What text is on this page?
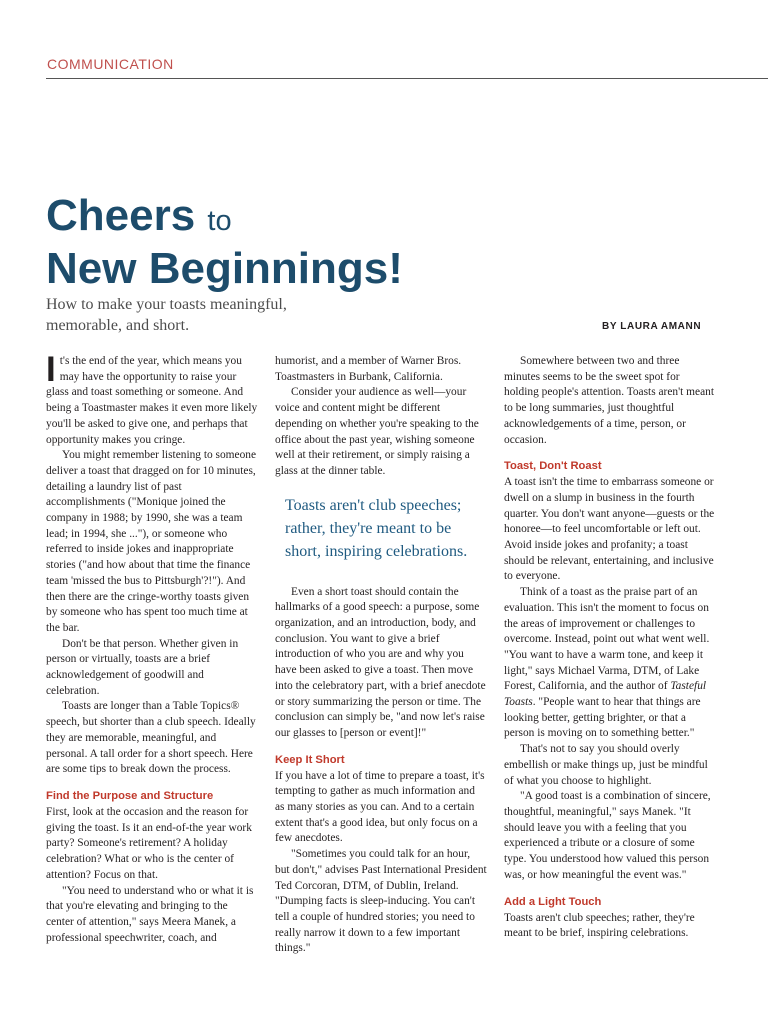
COMMUNICATION
Cheers to
New Beginnings!
How to make your toasts meaningful,
memorable, and short.	BY LAURA AMANN

It's the end of the year, which means you may have the opportunity to raise your glass and toast something or someone. And being a Toastmaster makes it even more likely you'll be asked to give one, and perhaps that opportunity makes you cringe.

You might remember listening to someone deliver a toast that dragged on for 10 minutes, detailing a laundry list of past accomplishments ("Monique joined the company in 1988; by 1990, she was a team lead; in 1994, she ..."), or someone who referred to inside jokes and inappropriate stories ("and how about that time the finance team 'missed the bus to Pittsburgh'?!"). And then there are the cringe-worthy toasts given by someone who has spent too much time at the bar.

Don't be that person. Whether given in person or virtually, toasts are a brief acknowledgement of goodwill and celebration.

Toasts are longer than a Table Topics® speech, but shorter than a club speech. Ideally they are memorable, meaningful, and personal. A tall order for a short speech. Here are some tips to break down the process.

Find the Purpose and Structure

First, look at the occasion and the reason for giving the toast. Is it an end-of-the year work party? Someone's retirement? A holiday celebration? What or who is the center of attention? Focus on that.

"You need to understand who or what it is that you're elevating and bringing to the center of attention," says Meera Manek, a professional speechwriter, coach, and

humorist, and a member of Warner Bros. Toastmasters in Burbank, California.

Consider your audience as well—your voice and content might be different depending on whether you're speaking to the office about the past year, wishing someone well at their retirement, or simply raising a glass at the dinner table.

Toasts aren't club speeches; rather, they're meant to be short, inspiring celebrations.

Even a short toast should contain the hallmarks of a good speech: a purpose, some organization, and an introduction, body, and conclusion. You want to give a brief introduction of who you are and why you have been asked to give a toast. Then move into the celebratory part, with a brief anecdote or story summarizing the person or time. The conclusion can simply be, "and now let's raise our glasses to [person or event]!"

Keep It Short

If you have a lot of time to prepare a toast, it's tempting to gather as much information and as many stories as you can. And to a certain extent that's a good idea, but only focus on a few anecdotes.

"Sometimes you could talk for an hour, but don't," advises Past International President Ted Corcoran, DTM, of Dublin, Ireland. "Dumping facts is sleep-inducing. You can't tell a couple of hundred stories; you need to really narrow it down to a few important things."

Somewhere between two and three minutes seems to be the sweet spot for holding people's attention. Toasts aren't meant to be long summaries, just thoughtful acknowledgements of a time, person, or occasion.

Toast, Don't Roast

A toast isn't the time to embarrass someone or dwell on a slump in business in the fourth quarter. You don't want anyone—guests or the honoree—to feel uncomfortable or left out. Avoid inside jokes and profanity; a toast should be relevant, entertaining, and inclusive to everyone.

Think of a toast as the praise part of an evaluation. This isn't the moment to focus on the areas of improvement or challenges to overcome. Instead, point out what went well. "You want to have a warm tone, and keep it light," says Michael Varma, DTM, of Lake Forest, California, and the author of Tasteful Toasts. "People want to hear that things are looking better, getting brighter, or that a person is moving on to something better."

That's not to say you should overly embellish or make things up, just be mindful of what you choose to highlight.

"A good toast is a combination of sincere, thoughtful, meaningful," says Manek. "It should leave you with a feeling that you experienced a tribute or a closure of some type. You understood how valued this person was, or how meaningful the event was."

Add a Light Touch

Toasts aren't club speeches; rather, they're meant to be brief, inspiring celebrations.
